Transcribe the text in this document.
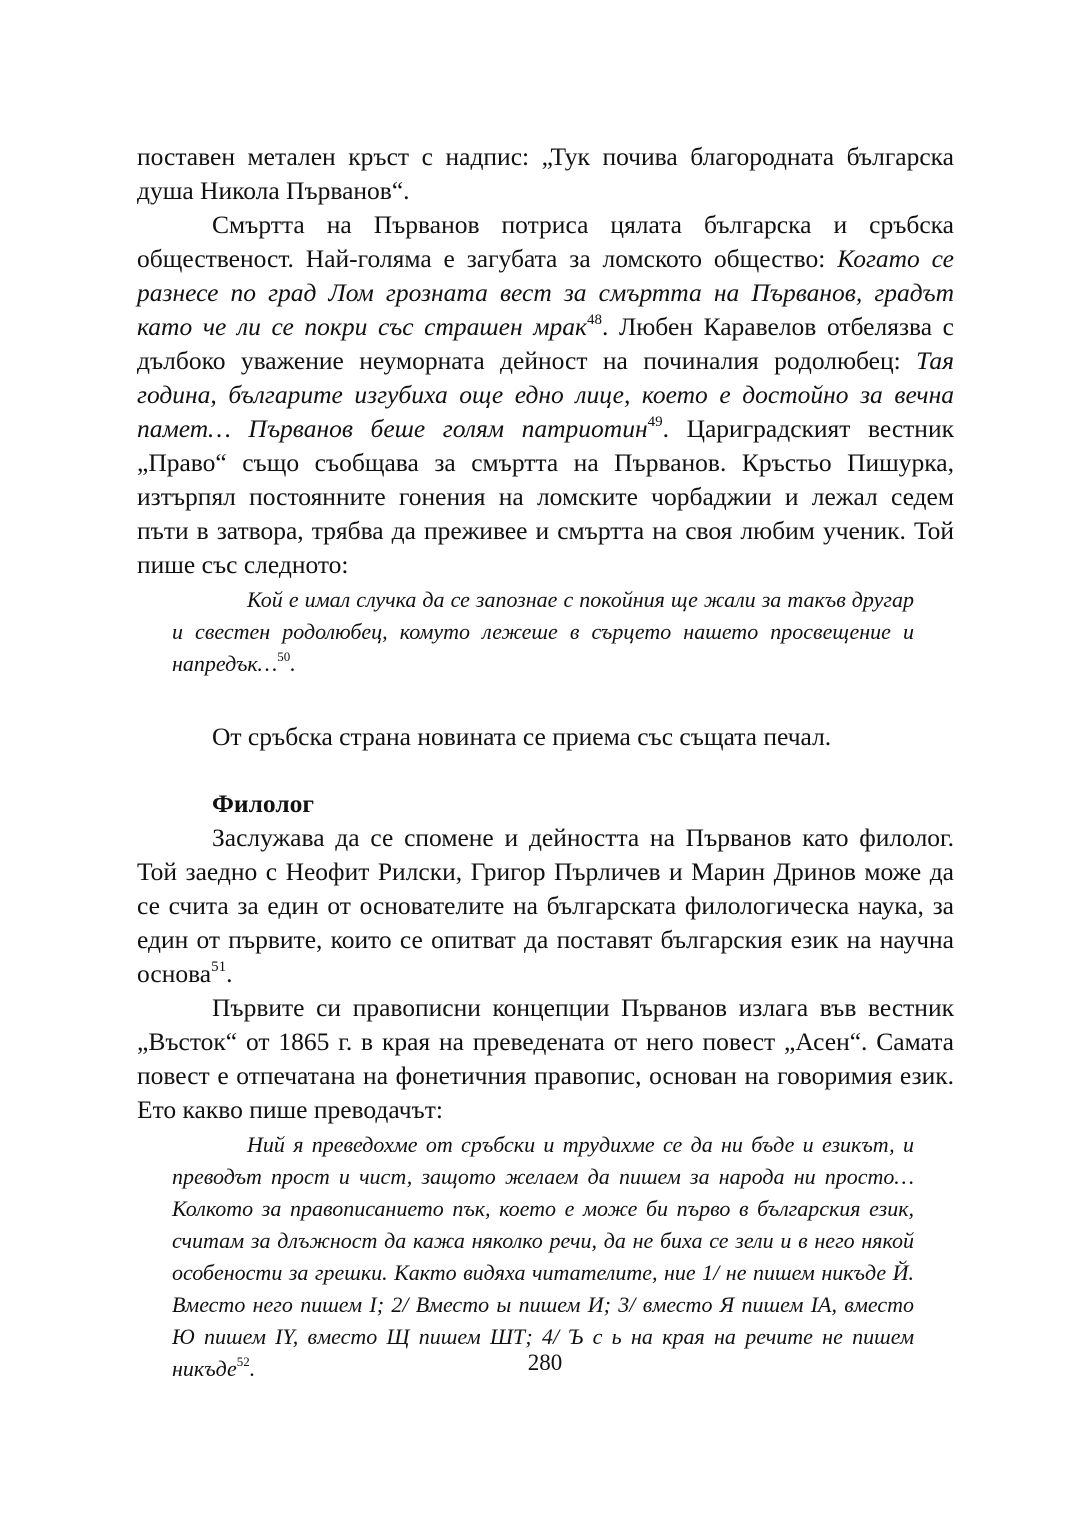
поставен метален кръст с надпис: „Тук почива благородната българска душа Никола Първанов“.

Смъртта на Първанов потриса цялата българска и сръбска общественост. Най-голяма е загубата за ломското общество: Когато се разнесе по град Лом грозната вест за смъртта на Първанов, градът като че ли се покри със страшен мрак$^{48}$. Любен Каравелов отбелязва с дълбоко уважение неуморната дейност на починалия родолюбец: Тая година, българите изгубиха още едно лице, което е достойно за вечна памет… Първанов беше голям патриотин$^{49}$. Цариградският вестник „Право“ също съобщава за смъртта на Първанов. Кръстьо Пишурка, изтърпял постоянните гонения на ломските чорбаджии и лежал седем пъти в затвора, трябва да преживее и смъртта на своя любим ученик. Той пише със следното:

Кой е имал случка да се запознае с покойния ще жали за такъв другар и свестен родолюбец, комуто лежеше в сърцето нашето просвещение и напредък…$^{50}$.

От сръбска страна новината се приема със същата печал.

Филолог

Заслужава да се спомене и дейността на Първанов като филолог. Той заедно с Неофит Рилски, Григор Пърличев и Марин Дринов може да се счита за един от основателите на българската филологическа наука, за един от първите, които се опитват да поставят българския език на научна основа$^{51}$.

Първите си правописни концепции Първанов излага във вестник „Въсток“ от 1865 г. в края на преведената от него повест „Асен“. Самата повест е отпечатана на фонетичния правопис, основан на говоримия език. Ето какво пише преводачът:

Ний я преведохме от сръбски и трудихме се да ни бъде и езикът, и преводът прост и чист, защото желаем да пишем за народа ни просто… Колкото за правописанието пък, което е може би първо в българския език, считам за длъжност да кажа няколко речи, да не биха се зели и в него някой особености за грешки. Както видяха читателите, ние 1/ не пишем никъде Й. Вместо него пишем I; 2/ Вместо ы пишем И; 3/ вместо Я пишем IA, вместо Ю пишем IY, вместо Щ пишем ШТ; 4/ Ъ с ь на края на речите не пишем никъде$^{52}$.	280
